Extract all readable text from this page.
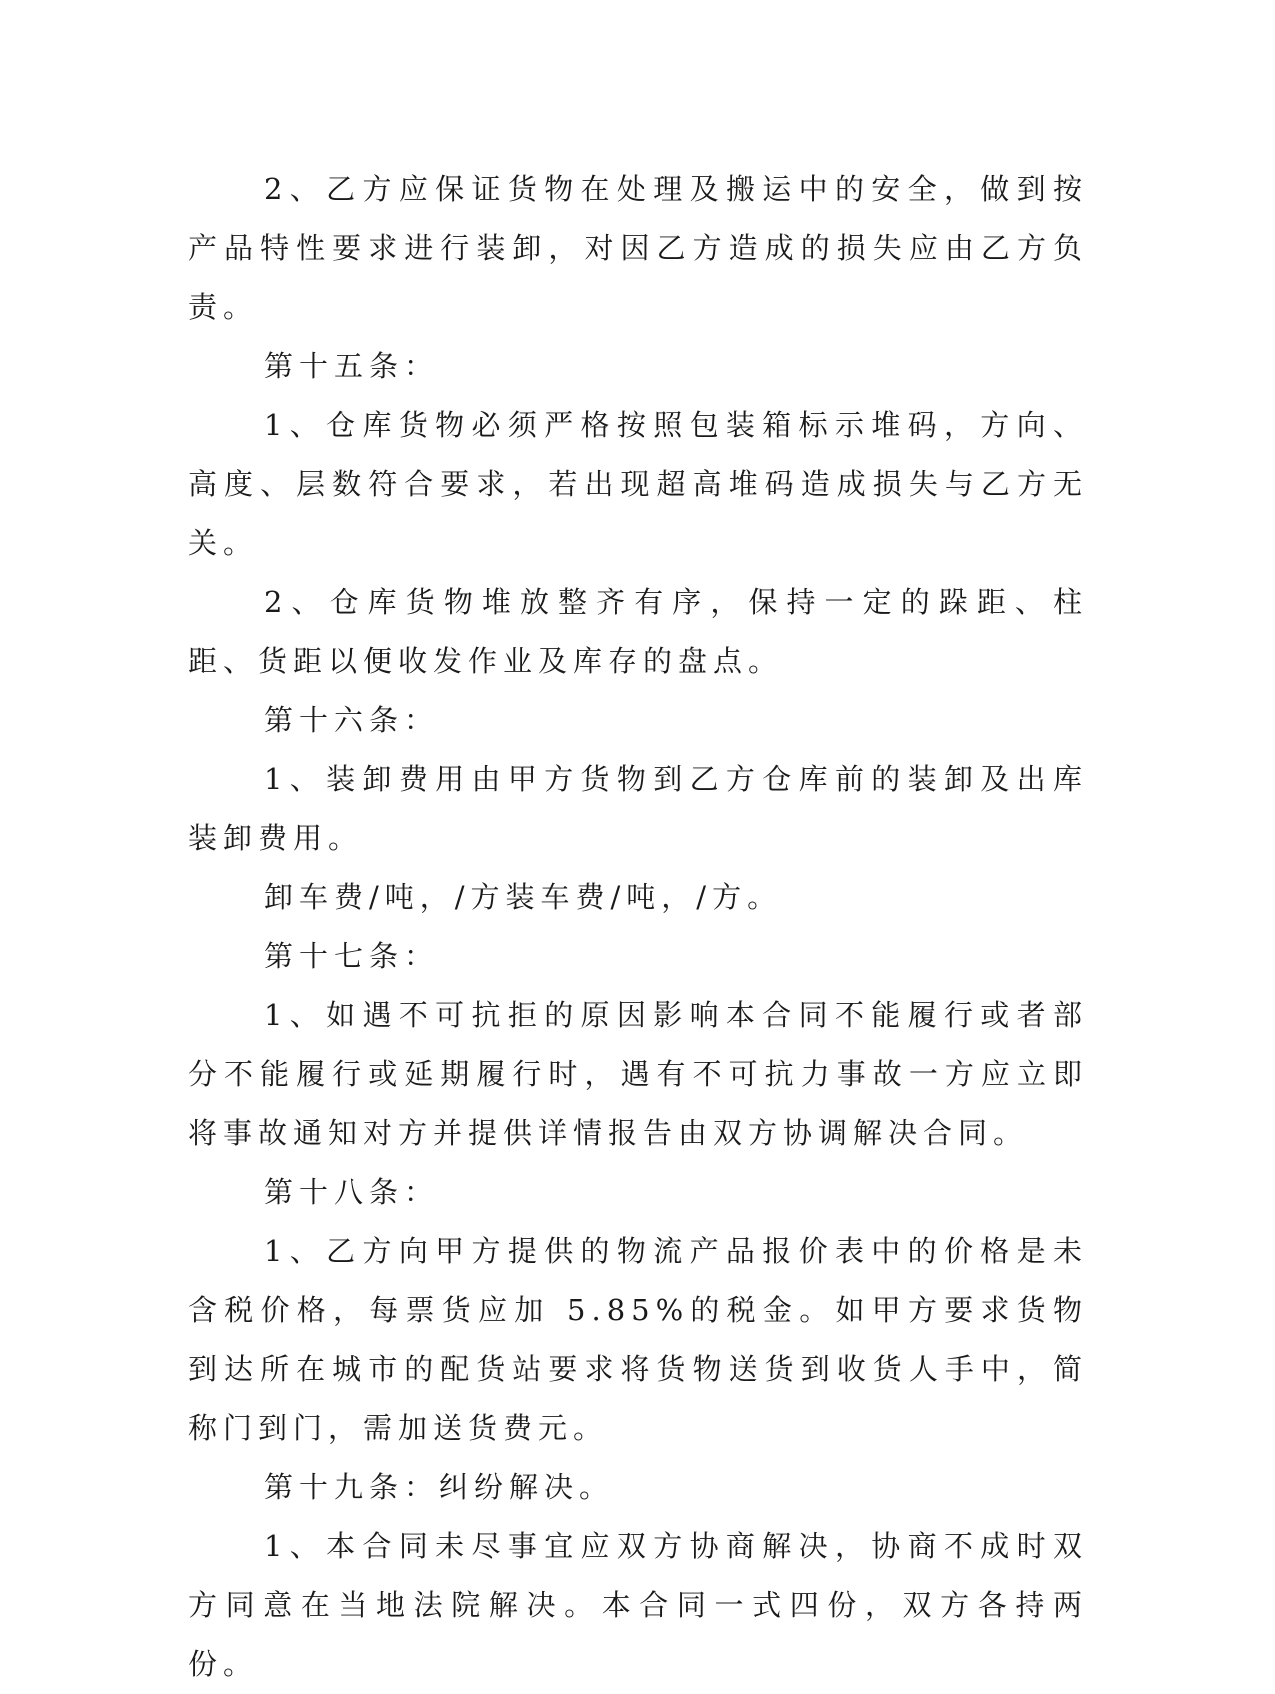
2、乙方应保证货物在处理及搬运中的安全，做到按产品特性要求进行装卸，对因乙方造成的损失应由乙方负责。

第十五条：

1、仓库货物必须严格按照包装箱标示堆码，方向、高度、层数符合要求，若出现超高堆码造成损失与乙方无关。

2、仓库货物堆放整齐有序，保持一定的跺距、柱距、货距以便收发作业及库存的盘点。

第十六条：

1、装卸费用由甲方货物到乙方仓库前的装卸及出库装卸费用。

卸车费/吨，/方装车费/吨，/方。

第十七条：

1、如遇不可抗拒的原因影响本合同不能履行或者部分不能履行或延期履行时，遇有不可抗力事故一方应立即将事故通知对方并提供详情报告由双方协调解决合同。

第十八条：

1、乙方向甲方提供的物流产品报价表中的价格是未含税价格，每票货应加 5.85%的税金。如甲方要求货物到达所在城市的配货站要求将货物送货到收货人手中，简称门到门，需加送货费元。

第十九条：纠纷解决。

1、本合同未尽事宜应双方协商解决，协商不成时双方同意在当地法院解决。本合同一式四份，双方各持两份。
